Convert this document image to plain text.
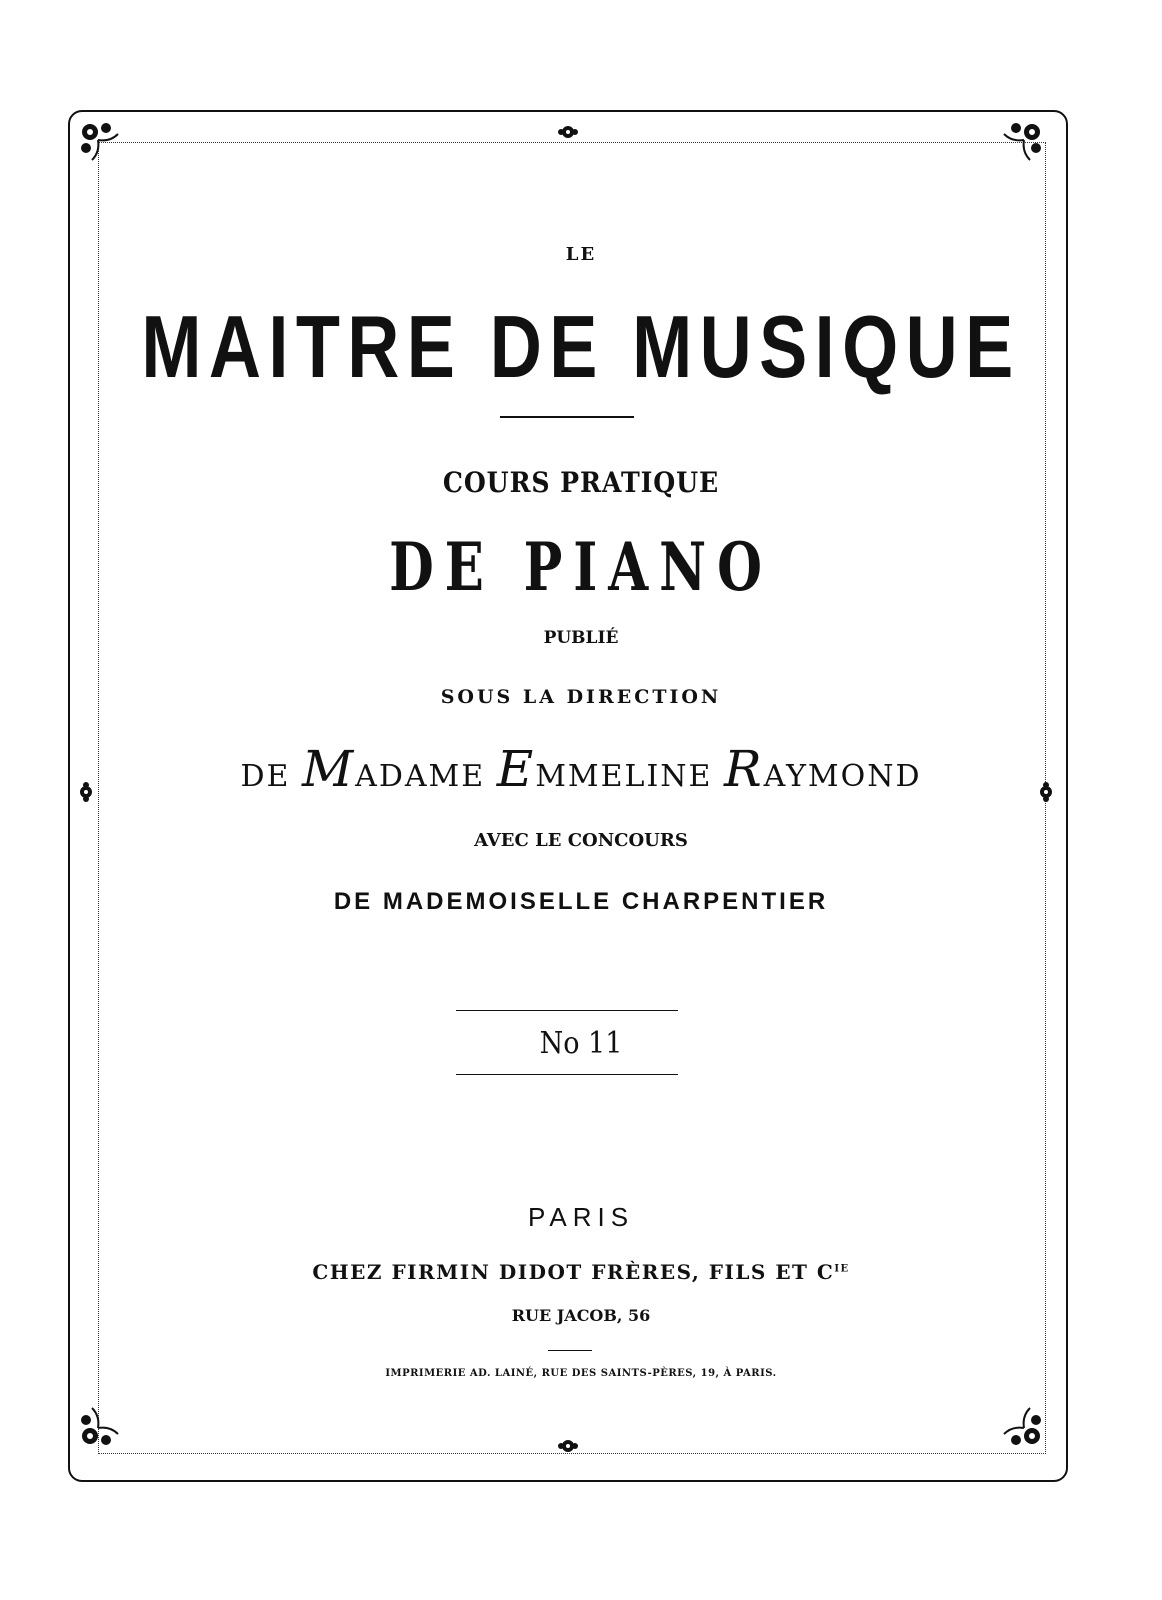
LE
MAITRE DE MUSIQUE
COURS PRATIQUE
DE PIANO
PUBLIÉ
SOUS LA DIRECTION
DE MADAME EMMELINE RAYMOND
AVEC LE CONCOURS
DE MADEMOISELLE CHARPENTIER
No 11
PARIS
CHEZ FIRMIN DIDOT FRÈRES, FILS ET $C^{IE}$
RUE JACOB, 56
IMPRIMERIE AD. LAINÉ, RUE DES SAINTS-PÈRES, 19, À PARIS.
